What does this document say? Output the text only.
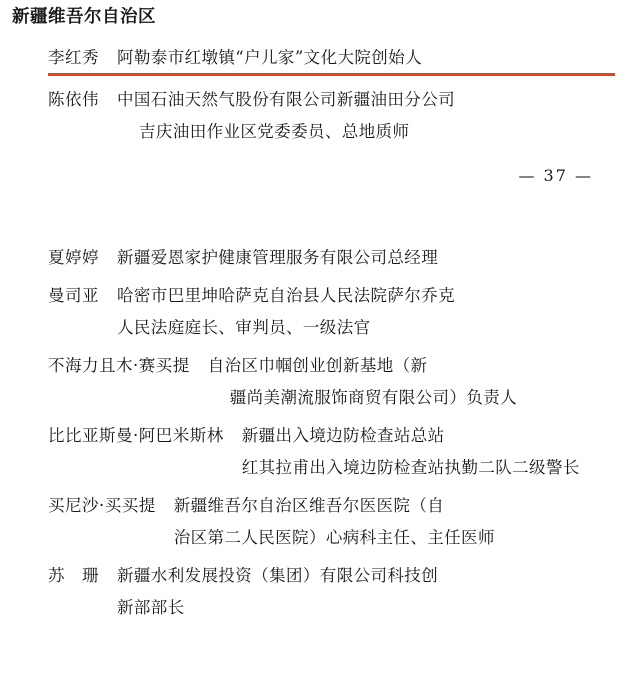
新疆维吾尔自治区
李红秀 阿勒泰市红墩镇“户儿家”文化大院创始人
陈依伟 中国石油天然气股份有限公司新疆油田分公司
吉庆油田作业区党委委员、总地质师
— 37 —
夏婷婷 新疆爱恩家护健康管理服务有限公司总经理
曼司亚 哈密市巴里坤哈萨克自治县人民法院萨尔乔克
人民法庭庭长、审判员、一级法官
不海力且木·赛买提 自治区巾帼创业创新基地（新
疆尚美潮流服饰商贸有限公司）负责人
比比亚斯曼·阿巴米斯林 新疆出入境边防检查站总站
红其拉甫出入境边防检查站执勤二队二级警长
买尼沙·买买提 新疆维吾尔自治区维吾尔医医院（自
治区第二人民医院）心病科主任、主任医师
苏　珊 新疆水利发展投资（集团）有限公司科技创
新部部长
